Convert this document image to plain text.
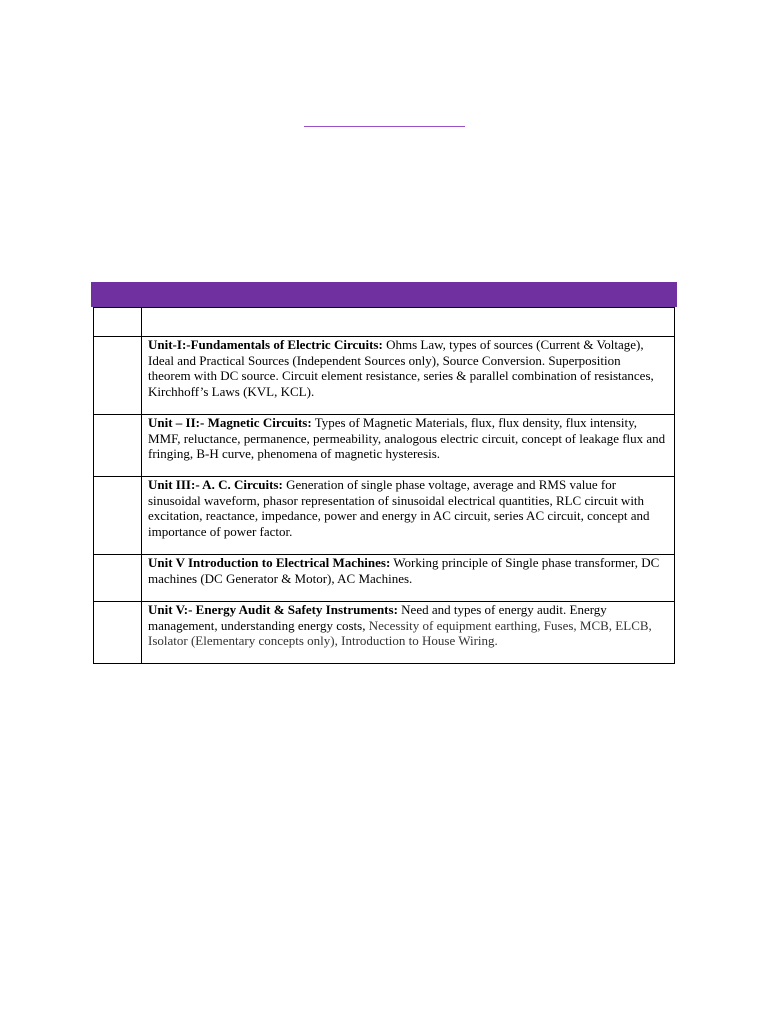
	Unit-I:-Fundamentals of Electric Circuits: Ohms Law, types of sources (Current & Voltage), Ideal and Practical Sources (Independent Sources only), Source Conversion. Superposition theorem with DC source. Circuit element resistance, series & parallel combination of resistances, Kirchhoff’s Laws (KVL, KCL).
	Unit – II:- Magnetic Circuits: Types of Magnetic Materials, flux, flux density, flux intensity, MMF, reluctance, permanence, permeability, analogous electric circuit, concept of leakage flux and fringing, B-H curve, phenomena of magnetic hysteresis.
	Unit III:- A. C. Circuits: Generation of single phase voltage, average and RMS value for sinusoidal waveform, phasor representation of sinusoidal electrical quantities, RLC circuit with excitation, reactance, impedance, power and energy in AC circuit, series AC circuit, concept and importance of power factor.
	Unit V Introduction to Electrical Machines: Working principle of Single phase transformer, DC machines (DC Generator & Motor), AC Machines.
	Unit V:- Energy Audit & Safety Instruments: Need and types of energy audit. Energy management, understanding energy costs, Necessity of equipment earthing, Fuses, MCB, ELCB, Isolator (Elementary concepts only), Introduction to House Wiring.
